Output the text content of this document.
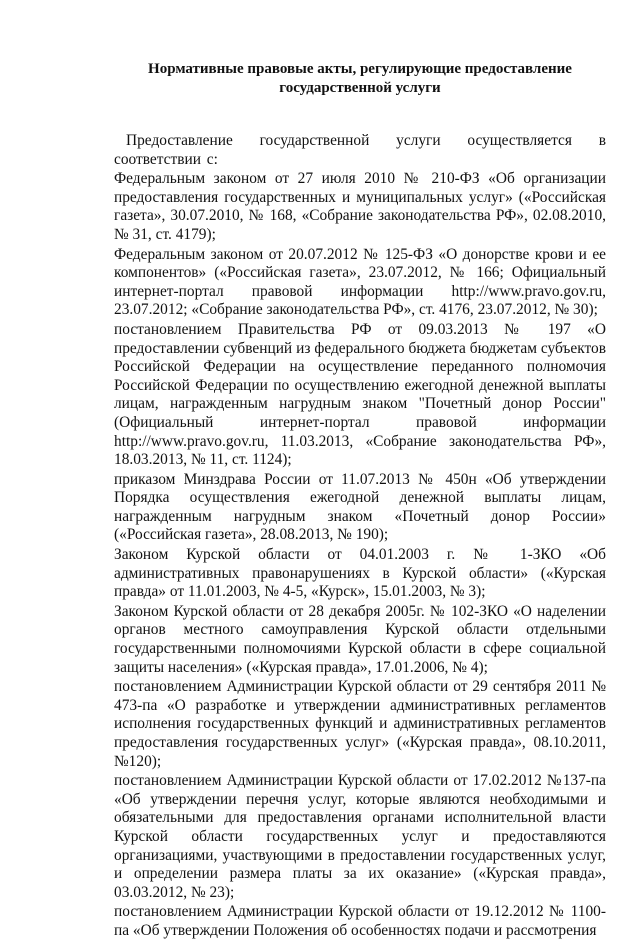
Нормативные правовые акты, регулирующие предоставление
государственной услуги
Предоставление государственной услуги осуществляется в соответствии с:
Федеральным законом от 27 июля 2010 № 210-ФЗ «Об организации предоставления государственных и муниципальных услуг» («Российская газета», 30.07.2010, № 168, «Собрание законодательства РФ», 02.08.2010, № 31, ст. 4179);
Федеральным законом от 20.07.2012 № 125-ФЗ «О донорстве крови и ее компонентов» («Российская газета», 23.07.2012, № 166; Официальный интернет-портал правовой информации http://www.pravo.gov.ru, 23.07.2012; «Собрание законодательства РФ», ст. 4176, 23.07.2012, № 30);
постановлением Правительства РФ от 09.03.2013 № 197 «О предоставлении субвенций из федерального бюджета бюджетам субъектов Российской Федерации на осуществление переданного полномочия Российской Федерации по осуществлению ежегодной денежной выплаты лицам, награжденным нагрудным знаком "Почетный донор России" (Официальный интернет-портал правовой информации http://www.pravo.gov.ru, 11.03.2013, «Собрание законодательства РФ», 18.03.2013, № 11, ст. 1124);
приказом Минздрава России от 11.07.2013 № 450н «Об утверждении Порядка осуществления ежегодной денежной выплаты лицам, награжденным нагрудным знаком «Почетный донор России» («Российская газета», 28.08.2013, № 190);
Законом Курской области от 04.01.2003 г. № 1-ЗКО «Об административных правонарушениях в Курской области» («Курская правда» от 11.01.2003, № 4-5, «Курск», 15.01.2003, № 3);
Законом Курской области от 28 декабря 2005г. № 102-ЗКО «О наделении органов местного самоуправления Курской области отдельными государственными полномочиями Курской области в сфере социальной защиты населения» («Курская правда», 17.01.2006, № 4);
постановлением Администрации Курской области от 29 сентября 2011 № 473-па «О разработке и утверждении административных регламентов исполнения государственных функций и административных регламентов предоставления государственных услуг» («Курская правда», 08.10.2011, №120);
постановлением Администрации Курской области от 17.02.2012 №137-па «Об утверждении перечня услуг, которые являются необходимыми и обязательными для предоставления органами исполнительной власти Курской области государственных услуг и предоставляются организациями, участвующими в предоставлении государственных услуг, и определении размера платы за их оказание» («Курская правда», 03.03.2012, № 23);
постановлением Администрации Курской области от 19.12.2012 № 1100-па «Об утверждении Положения об особенностях подачи и рассмотрения
